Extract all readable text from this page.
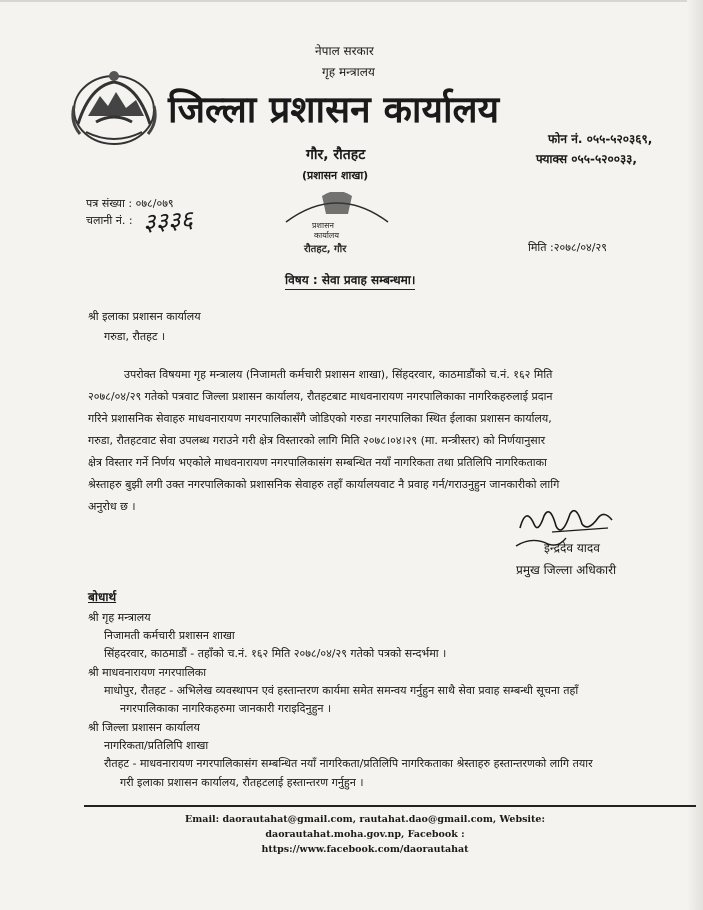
नेपाल सरकार
गृह मन्त्रालय
जिल्ला प्रशासन कार्यालय
फोन नं. ०५५-५२०३६९,
फ्याक्स ०५५-५२००३३,
गौर, रौतहट
(प्रशासन शाखा)
पत्र संख्या : ०७८/०७९
चलानी नं. : ३३३६	प्रशासन
कार्यालय
रौतहट, गौर	मिति :२०७८/०४/२९
विषय : सेवा प्रवाह सम्बन्धमा।
श्री इलाका प्रशासन कार्यालय
गरुडा, रौतहट ।
उपरोक्त विषयमा गृह मन्त्रालय (निजामती कर्मचारी प्रशासन शाखा), सिंहदरवार, काठमाडौंको च.नं. १६२ मिति
२०७८/०४/२९ गतेको पत्रवाट जिल्ला प्रशासन कार्यालय, रौतहटबाट माधवनारायण नगरपालिकाका नागरिकहरुलाई प्रदान
गरिने प्रशासनिक सेवाहरु माधवनारायण नगरपालिकासँगै जोडिएको गरुडा नगरपालिका स्थित ईलाका प्रशासन कार्यालय,
गरुडा, रौतहटवाट सेवा उपलब्ध गराउने गरी क्षेत्र विस्तारको लागि मिति २०७८।०४।२९ (मा. मन्त्रीस्तर) को निर्णयानुसार
क्षेत्र विस्तार गर्ने निर्णय भएकोले माधवनारायण नगरपालिकासंग सम्बन्धित नयाँ नागरिकता तथा प्रतिलिपि नागरिकताका
श्रेस्ताहरु बुझी लगी उक्त नगरपालिकाको प्रशासनिक सेवाहरु तहाँ कार्यालयवाट नै प्रवाह गर्न/गराउनुहुन जानकारीको लागि
अनुरोध छ ।
इन्द्रदेव यादव
प्रमुख जिल्ला अधिकारी
बोधार्थ
श्री गृह मन्त्रालय
निजामती कर्मचारी प्रशासन शाखा
सिंहदरवार, काठमाडौं - तहाँको च.नं. १६२ मिति २०७८/०४/२९ गतेको पत्रको सन्दर्भमा ।
श्री माधवनारायण नगरपालिका
माधोपुर, रौतहट - अभिलेख व्यवस्थापन एवं हस्तान्तरण कार्यमा समेत समन्वय गर्नुहुन साथै सेवा प्रवाह सम्बन्धी सूचना तहाँ
नगरपालिकाका नागरिकहरुमा जानकारी गराइदिनुहुन ।
श्री जिल्ला प्रशासन कार्यालय
नागरिकता/प्रतिलिपि शाखा
रौतहट - माधवनारायण नगरपालिकासंग सम्बन्धित नयाँ नागरिकता/प्रतिलिपि नागरिकताका श्रेस्ताहरु हस्तान्तरणको लागि तयार
गरी इलाका प्रशासन कार्यालय, रौतहटलाई हस्तान्तरण गर्नुहुन ।
Email: daorautahat@gmail.com, rautahat.dao@gmail.com, Website: daorautahat.moha.gov.np, Facebook :
https://www.facebook.com/daorautahat
